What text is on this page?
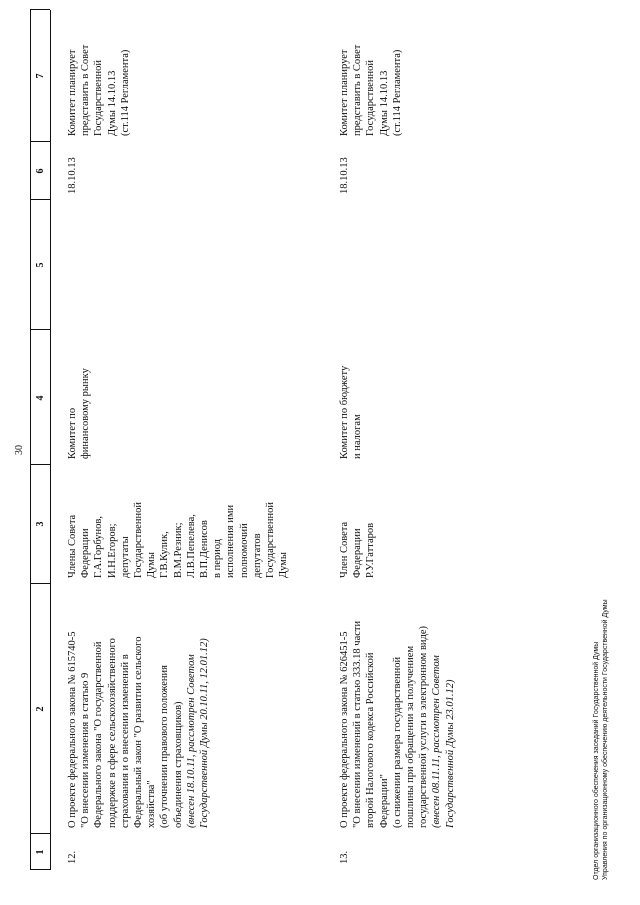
30
1
2
3
4
5
6
7
12.
О проекте федерального закона № 615740-5 "О внесении изменения в статью 9 Федерального закона "О государственной поддержке в сфере сельскохозяйственного страхования и о внесении изменений в Федеральный закон "О развитии сельского хозяйства" (об уточнении правового положения объединения страховщиков) (внесен 18.10.11, рассмотрен Советом Государственной Думы 20.10.11, 12.01.12)
Члены Совета Федерации Г.А.Горбунов, И.Н.Егоров; депутаты Государственной Думы Г.В.Кулик, В.М.Резник; Л.В.Пепелева, В.П.Денисов в период исполнения ими полномочий депутатов Государственной Думы
Комитет по финансовому рынку
18.10.13
Комитет планирует представить в Совет Государственной Думы 14.10.13 (ст.114 Регламента)
13.
О проекте федерального закона № 626451-5 "О внесении изменений в статью 333.18 части второй Налогового кодекса Российской Федерации" (о снижении размера государственной пошлины при обращении за получением государственной услуги в электронном виде) (внесен 08.11.11, рассмотрен Советом Государственной Думы 23.01.12)
Член Совета Федерации Р.У.Гаттаров
Комитет по бюджету и налогам
18.10.13
Комитет планирует представить в Совет Государственной Думы 14.10.13 (ст.114 Регламента)
Отдел организационного обеспечения заседаний Государственной Думы Управления по организационному обеспечению деятельности Государственной Думы
